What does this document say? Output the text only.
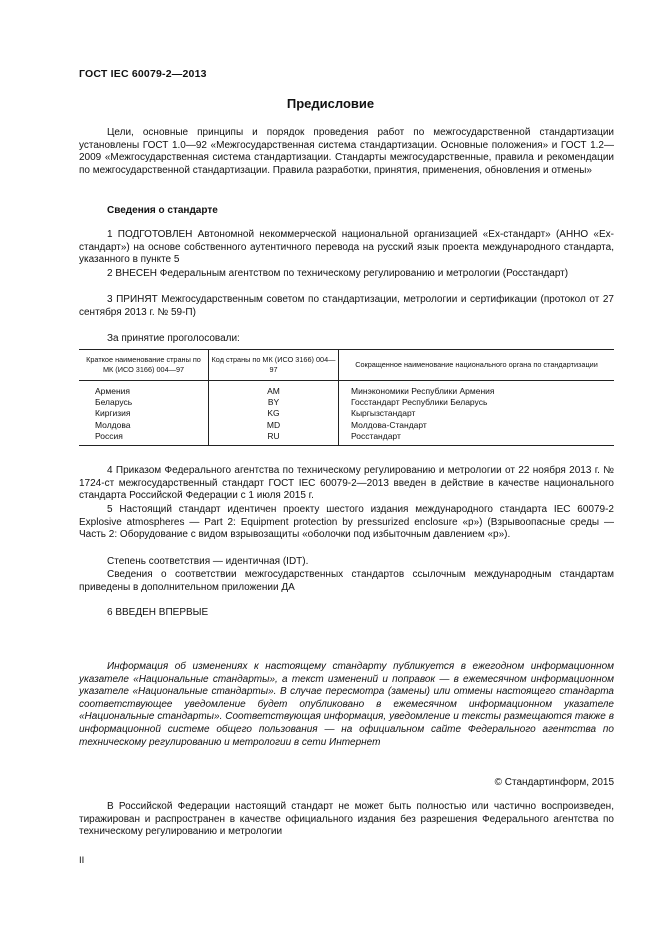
ГОСТ IEC 60079-2—2013
Предисловие

Цели, основные принципы и порядок проведения работ по межгосударственной стандартизации установлены ГОСТ 1.0—92 «Межгосударственная система стандартизации. Основные положения» и ГОСТ 1.2—2009 «Межгосударственная система стандартизации. Стандарты межгосударственные, правила и рекомендации по межгосударственной стандартизации. Правила разработки, принятия, применения, обновления и отмены»

Сведения о стандарте

1 ПОДГОТОВЛЕН Автономной некоммерческой национальной организацией «Ех-стандарт» (АННО «Ех-стандарт») на основе собственного аутентичного перевода на русский язык проекта международного стандарта, указанного в пункте 5

2 ВНЕСЕН Федеральным агентством по техническому регулированию и метрологии (Росстандарт)

3 ПРИНЯТ Межгосударственным советом по стандартизации, метрологии и сертификации (протокол от 27 сентября 2013 г. № 59-П)

За принятие проголосовали:

Краткое наименование страны по МК (ИСО 3166) 004—97	Код страны по МК (ИСО 3166) 004—97	Сокращенное наименование национального органа по стандартизации
Армения	AM	Минэкономики Республики Армения
Беларусь	BY	Госстандарт Республики Беларусь
Киргизия	KG	Кыргызстандарт
Молдова	MD	Молдова-Стандарт
Россия	RU	Росстандарт

4 Приказом Федерального агентства по техническому регулированию и метрологии от 22 ноября 2013 г. № 1724-ст межгосударственный стандарт ГОСТ IEC 60079-2—2013 введен в действие в качестве национального стандарта Российской Федерации с 1 июля 2015 г.

5 Настоящий стандарт идентичен проекту шестого издания международного стандарта IEC 60079-2 Explosive atmospheres — Part 2: Equipment protection by pressurized enclosure «p») (Взрывоопасные среды — Часть 2: Оборудование с видом взрывозащиты «оболочки под избыточным давлением «p»).

Степень соответствия — идентичная (IDT).

Сведения о соответствии межгосударственных стандартов ссылочным международным стандартам приведены в дополнительном приложении ДА

6 ВВЕДЕН ВПЕРВЫЕ

Информация об изменениях к настоящему стандарту публикуется в ежегодном информационном указателе «Национальные стандарты», а текст изменений и поправок — в ежемесячном информационном указателе «Национальные стандарты». В случае пересмотра (замены) или отмены настоящего стандарта соответствующее уведомление будет опубликовано в ежемесячном информационном указателе «Национальные стандарты». Соответствующая информация, уведомление и тексты размещаются также в информационной системе общего пользования — на официальном сайте Федерального агентства по техническому регулированию и метрологии в сети Интернет

© Стандартинформ, 2015

В Российской Федерации настоящий стандарт не может быть полностью или частично воспроизведен, тиражирован и распространен в качестве официального издания без разрешения Федерального агентства по техническому регулированию и метрологии

II
